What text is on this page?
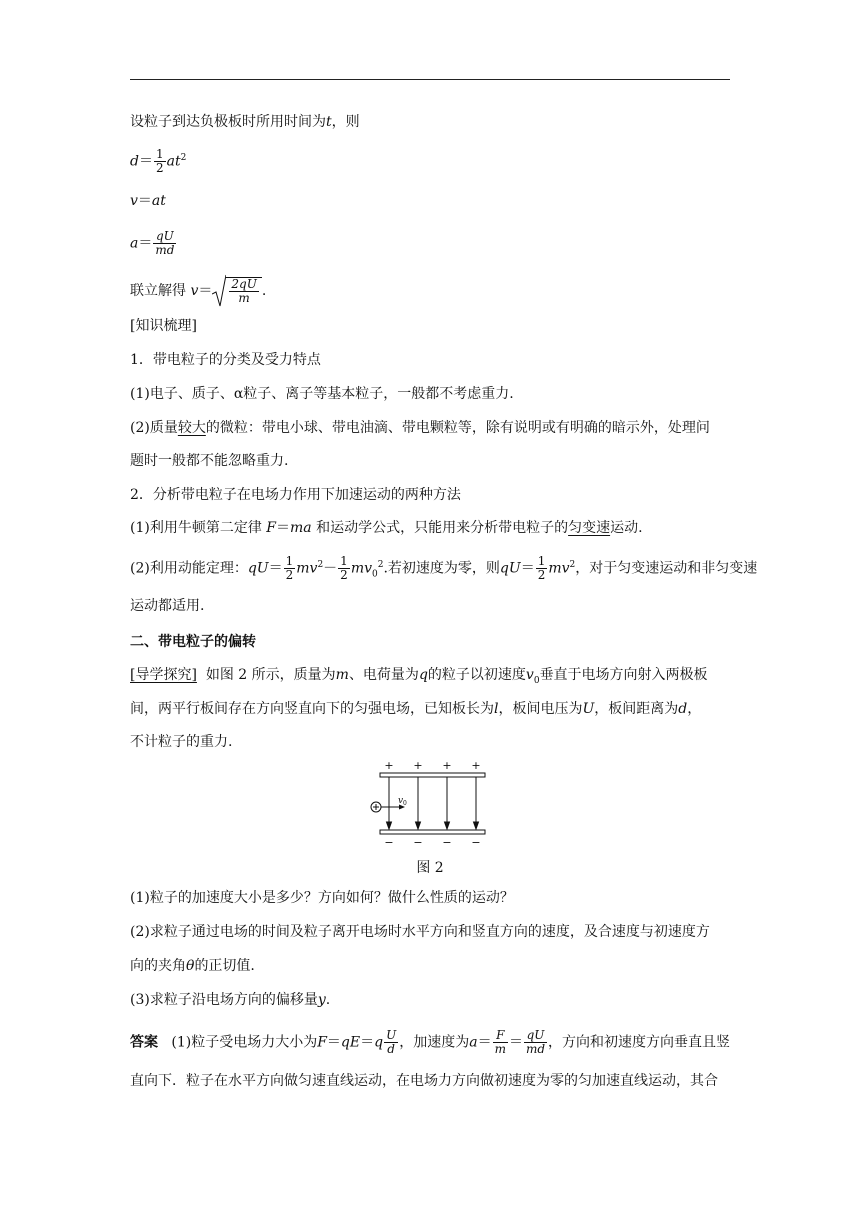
设粒子到达负极板时所用时间为t，则
$d= \frac{1}{2} at^2$
v＝at
$a= \frac{qU}{md}$
联立解得 $v= \frac{2qU}{m}$ .
[知识梳理]
1．带电粒子的分类及受力特点
(1)电子、质子、α粒子、离子等基本粒子，一般都不考虑重力.
(2)质量较大的微粒：带电小球、带电油滴、带电颗粒等，除有说明或有明确的暗示外，处理问
题时一般都不能忽略重力.
2．分析带电粒子在电场力作用下加速运动的两种方法
(1)利用牛顿第二定律 F＝ma 和运动学公式，只能用来分析带电粒子的匀变速运动.
(2)利用动能定理：$qU= \frac{1}{2} mv^2- \frac{1}{2} mv_0^2$.若初速度为零，则$qU= \frac{1}{2} mv^2$，对于匀变速运动和非匀变速
运动都适用.
二、带电粒子的偏转
[导学探究] 如图 2 所示，质量为m、电荷量为q的粒子以初速度$v_0$垂直于电场方向射入两极板
间，两平行板间存在方向竖直向下的匀强电场，已知板长为l，板间电压为U，板间距离为d，
不计粒子的重力.
+ + + +
v 0
− − − −
图 2
(1)粒子的加速度大小是多少？方向如何？做什么性质的运动？
(2)求粒子通过电场的时间及粒子离开电场时水平方向和竖直方向的速度，及合速度与初速度方
向的夹角θ的正切值.
(3)求粒子沿电场方向的偏移量y.
答案 (1)粒子受电场力大小为$F=qE=q \frac{U}{d}$ ，加速度为$a= \frac{F}{m} = \frac{qU}{md}$ ，方向和初速度方向垂直且竖
直向下．粒子在水平方向做匀速直线运动，在电场力方向做初速度为零的匀加速直线运动，其合
